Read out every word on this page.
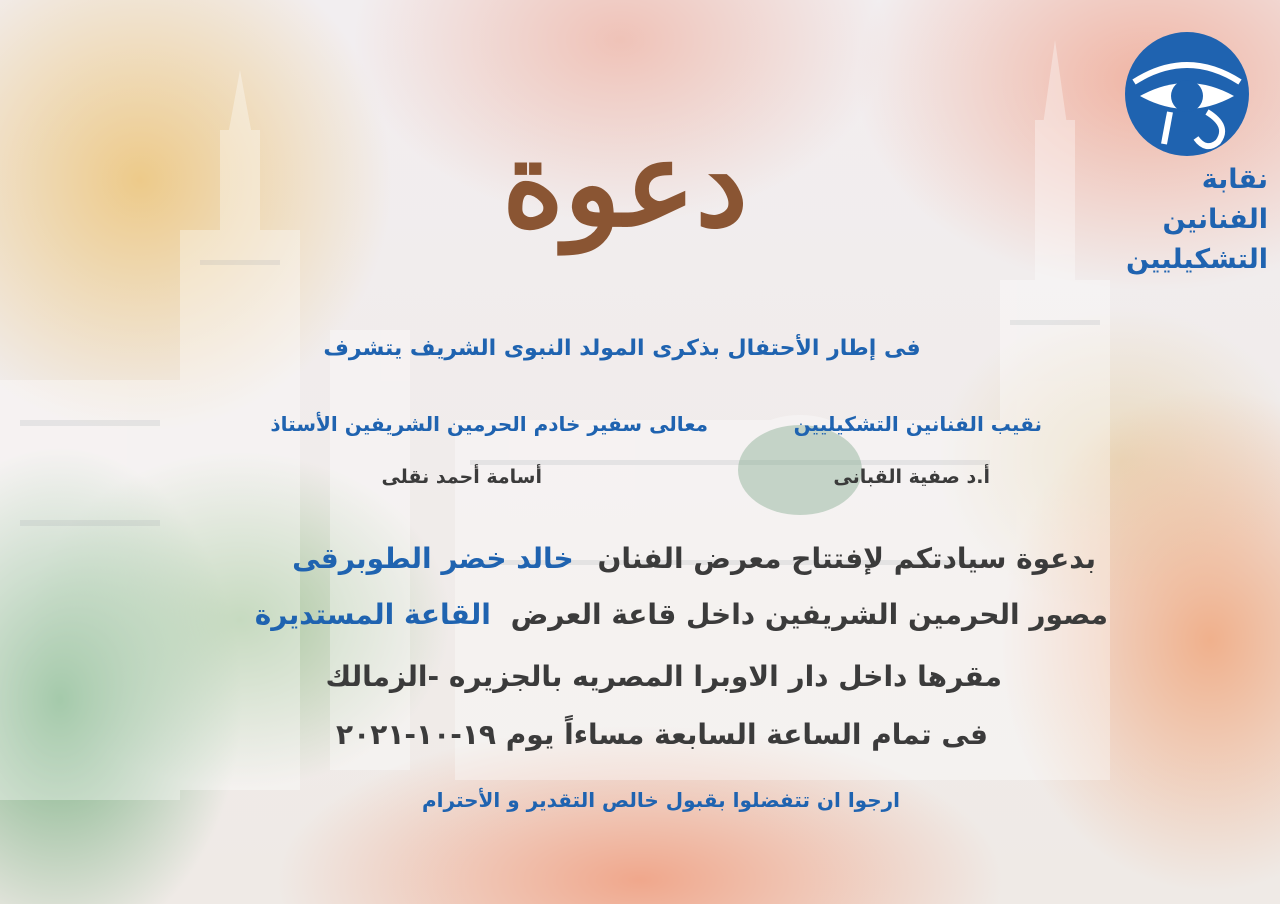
نقابة
الفنانين
التشكيليين
دعوة
فى إطار الأحتفال بذكرى المولد النبوى الشريف يتشرف
معالى سفير خادم الحرمين الشريفين الأستاذ	نقيب الفنانين التشكيليين
أسامة أحمد نقلى	أ.د صفية القبانى
بدعوة سيادتكم لإفتتاح معرض الفنان خالد خضر الطوبرقى
مصور الحرمين الشريفين داخل قاعة العرض القاعة المستديرة
مقرها داخل دار الاوبرا المصريه بالجزيره -الزمالك
فى تمام الساعة السابعة مساءاً يوم ١٩-١٠-٢٠٢١
ارجوا ان تتفضلوا بقبول خالص التقدير و الأحترام
